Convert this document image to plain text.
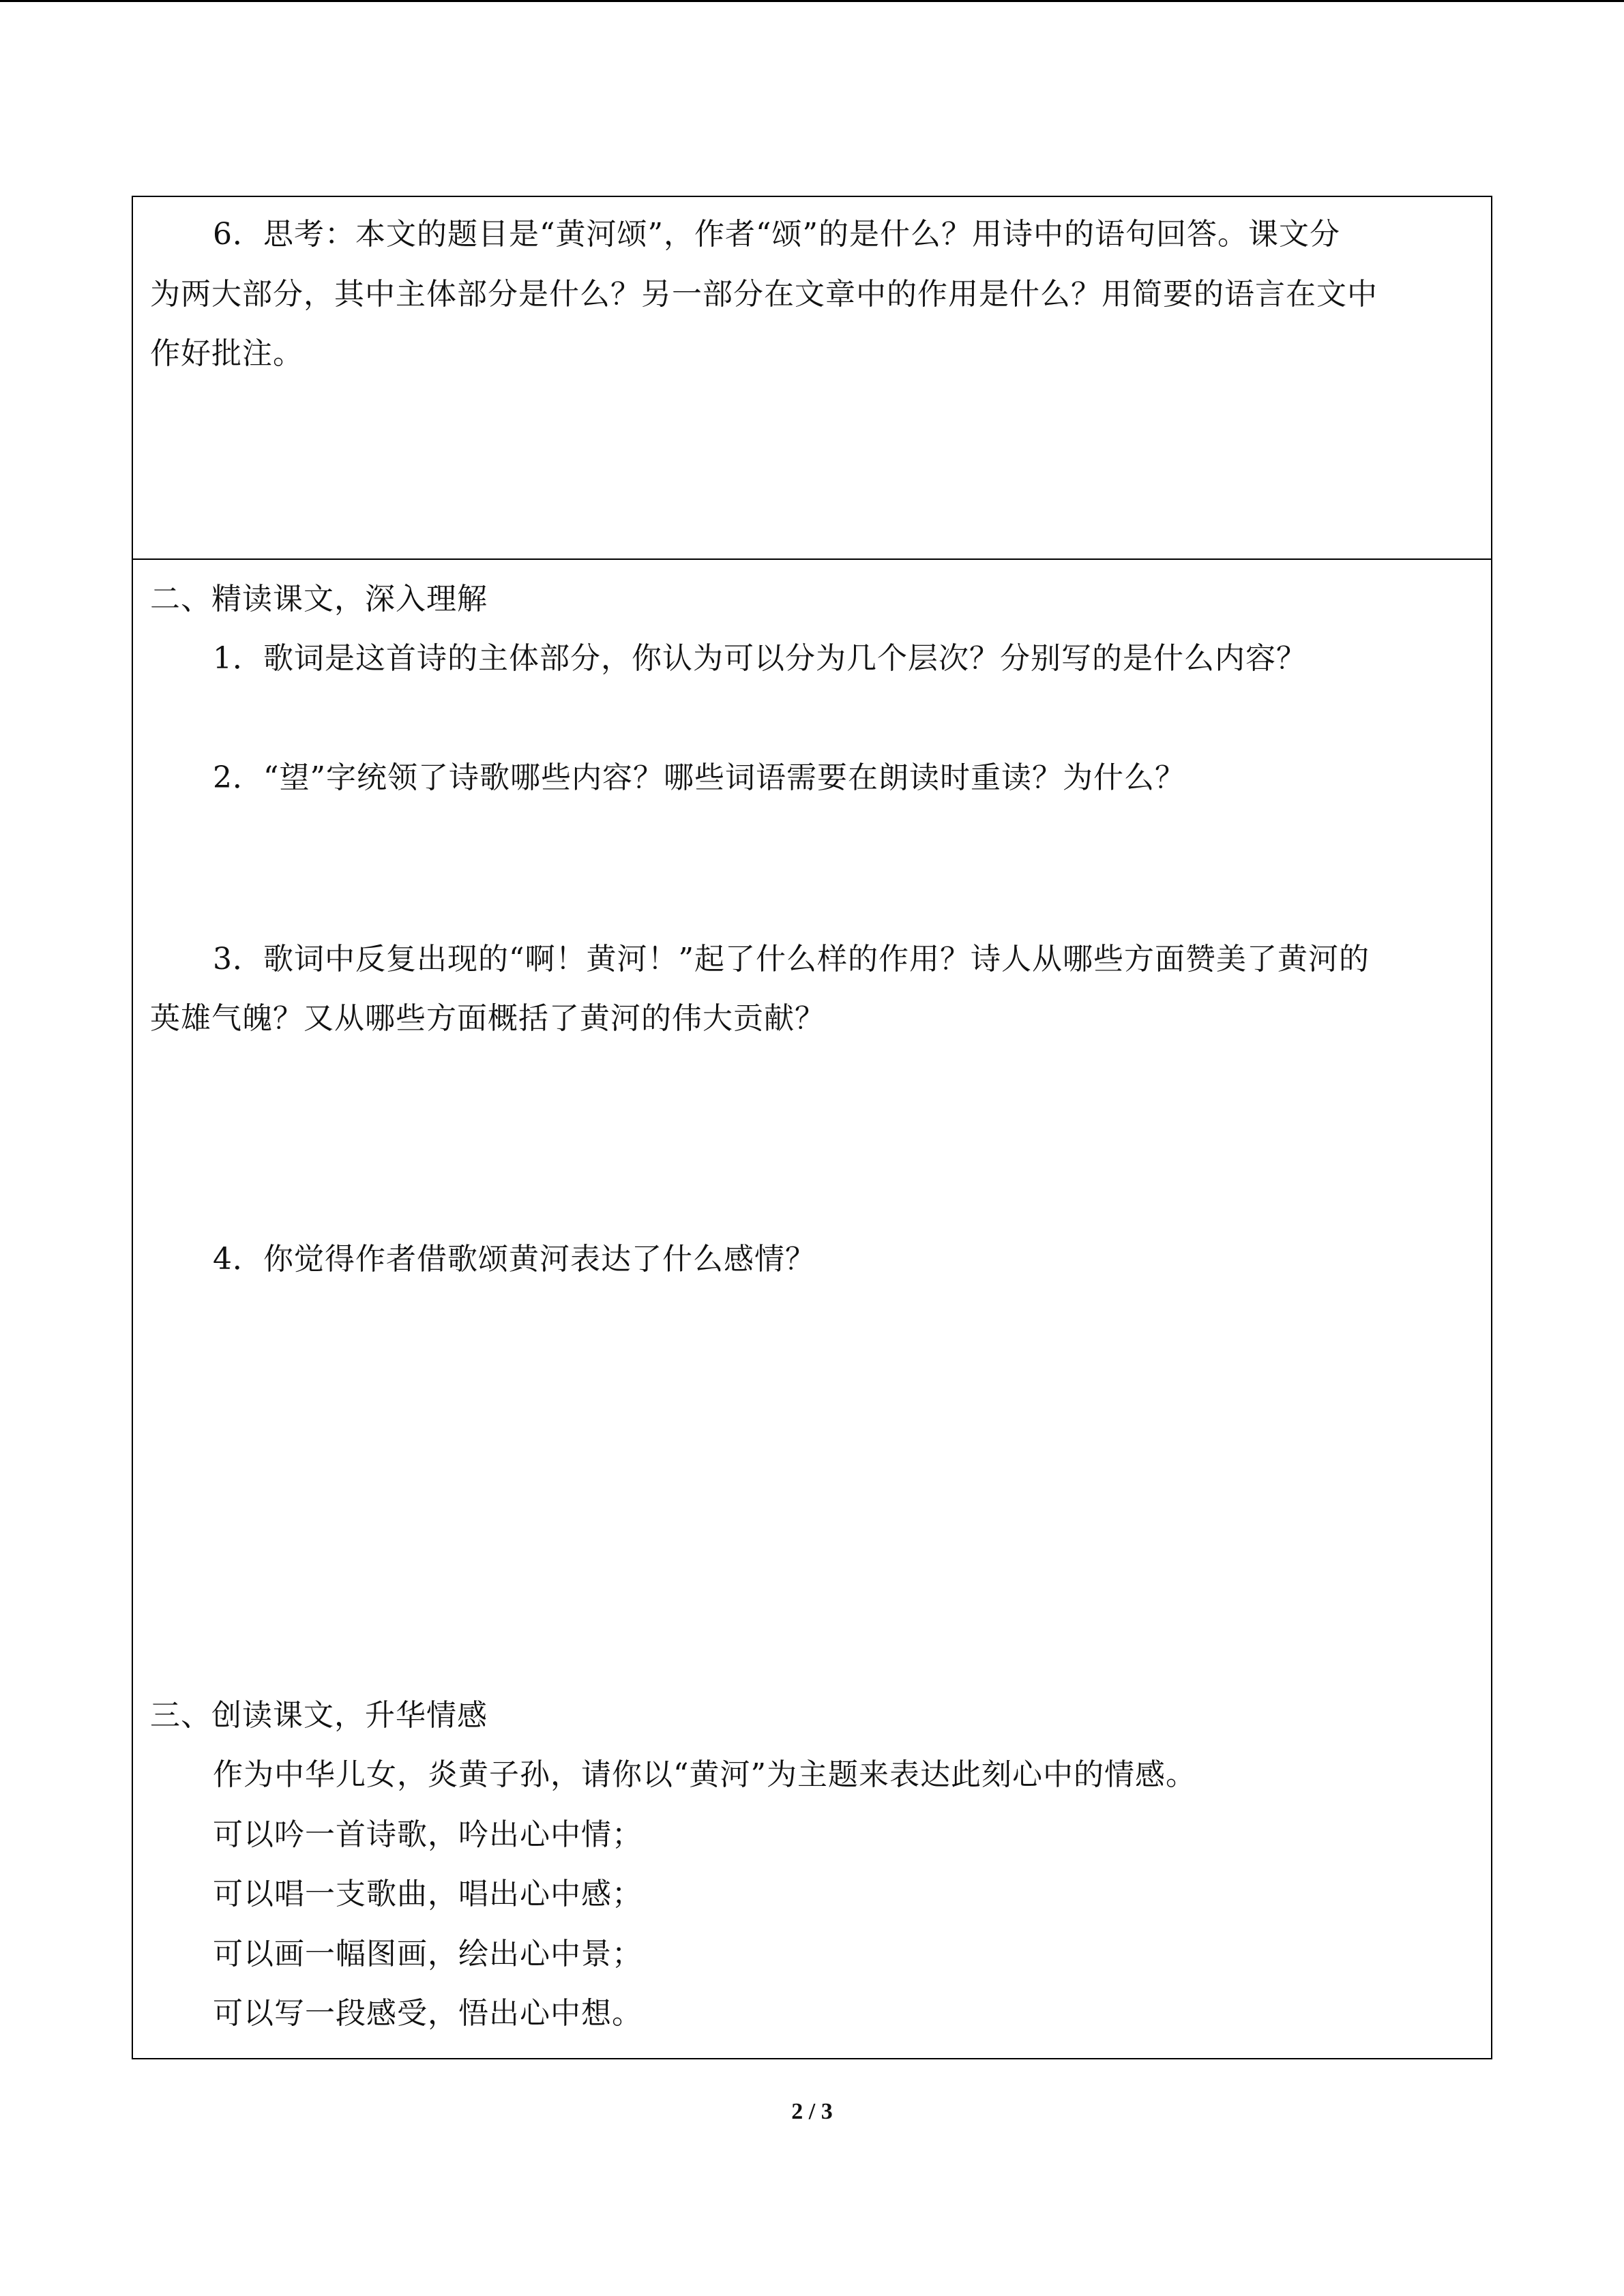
6．思考：本文的题目是“黄河颂”，作者“颂”的是什么？用诗中的语句回答。课文分
为两大部分，其中主体部分是什么？另一部分在文章中的作用是什么？用简要的语言在文中
作好批注。
二、精读课文，深入理解
1．歌词是这首诗的主体部分，你认为可以分为几个层次？分别写的是什么内容？
2．“望”字统领了诗歌哪些内容？哪些词语需要在朗读时重读？为什么？
3．歌词中反复出现的“啊！黄河！”起了什么样的作用？诗人从哪些方面赞美了黄河的
英雄气魄？又从哪些方面概括了黄河的伟大贡献？
4．你觉得作者借歌颂黄河表达了什么感情？
三、创读课文，升华情感
作为中华儿女，炎黄子孙，请你以“黄河”为主题来表达此刻心中的情感。
可以吟一首诗歌，吟出心中情；
可以唱一支歌曲，唱出心中感；
可以画一幅图画，绘出心中景；
可以写一段感受，悟出心中想。
2 / 3
